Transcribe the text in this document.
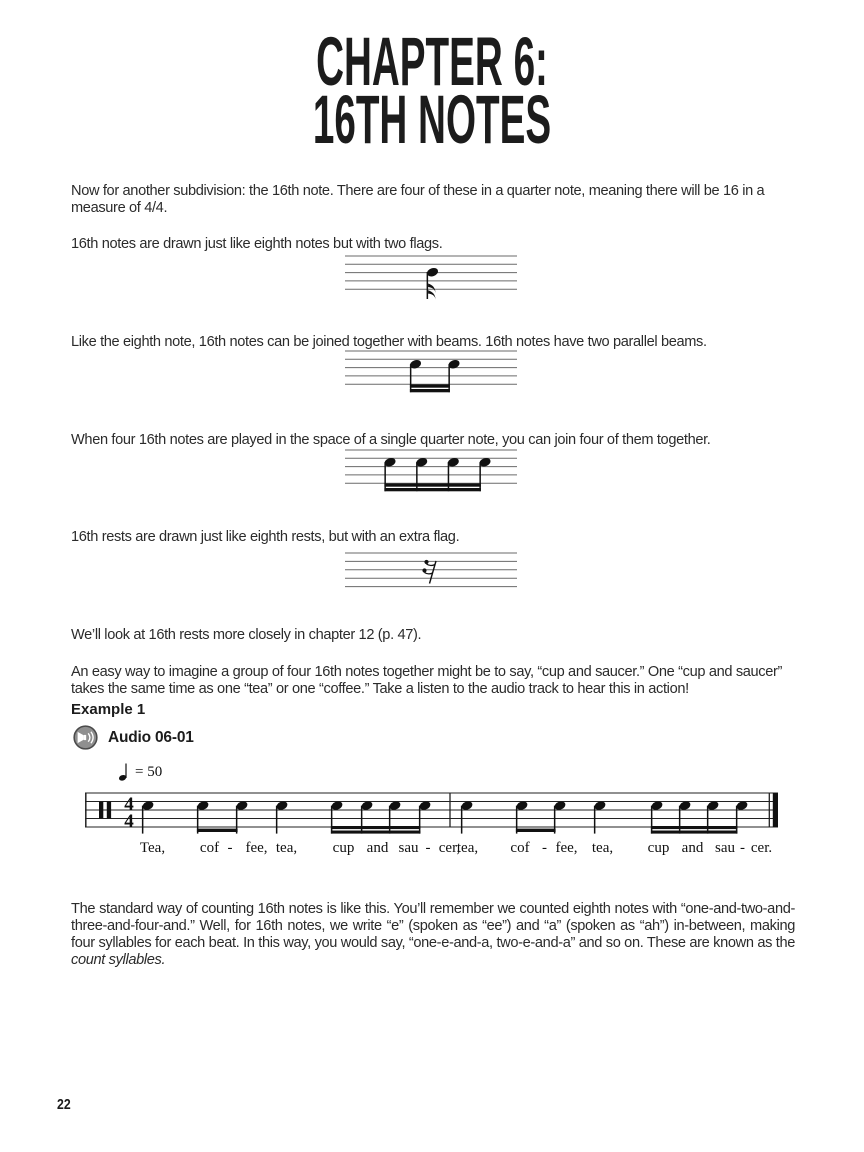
CHAPTER 6:
16TH NOTES

Now for another subdivision: the 16th note. There are four of these in a quarter note, meaning there will be 16 in a measure of 4/4.

16th notes are drawn just like eighth notes but with two flags.

Like the eighth note, 16th notes can be joined together with beams. 16th notes have two parallel beams.

When four 16th notes are played in the space of a single quarter note, you can join four of them together.

16th rests are drawn just like eighth rests, but with an extra flag.

We’ll look at 16th rests more closely in chapter 12 (p. 47).

An easy way to imagine a group of four 16th notes together might be to say, “cup and saucer.” One “cup and saucer” takes the same time as one “tea” or one “coffee.” Take a listen to the audio track to hear this in action!

Example 1
Audio 06-01
= 50
4
4
Tea, cof - fee, tea, cup and sau - cer,
tea, cof - fee, tea, cup and sau - cer.

The standard way of counting 16th notes is like this. You’ll remember we counted eighth notes with “one-and-two-and-three-and-four-and.” Well, for 16th notes, we write “e” (spoken as “ee”) and “a” (spoken as “ah”) in-between, making four syllables for each beat. In this way, you would say, “one-e-and-a, two-e-and-a” and so on. These are known as the count syllables.

22
